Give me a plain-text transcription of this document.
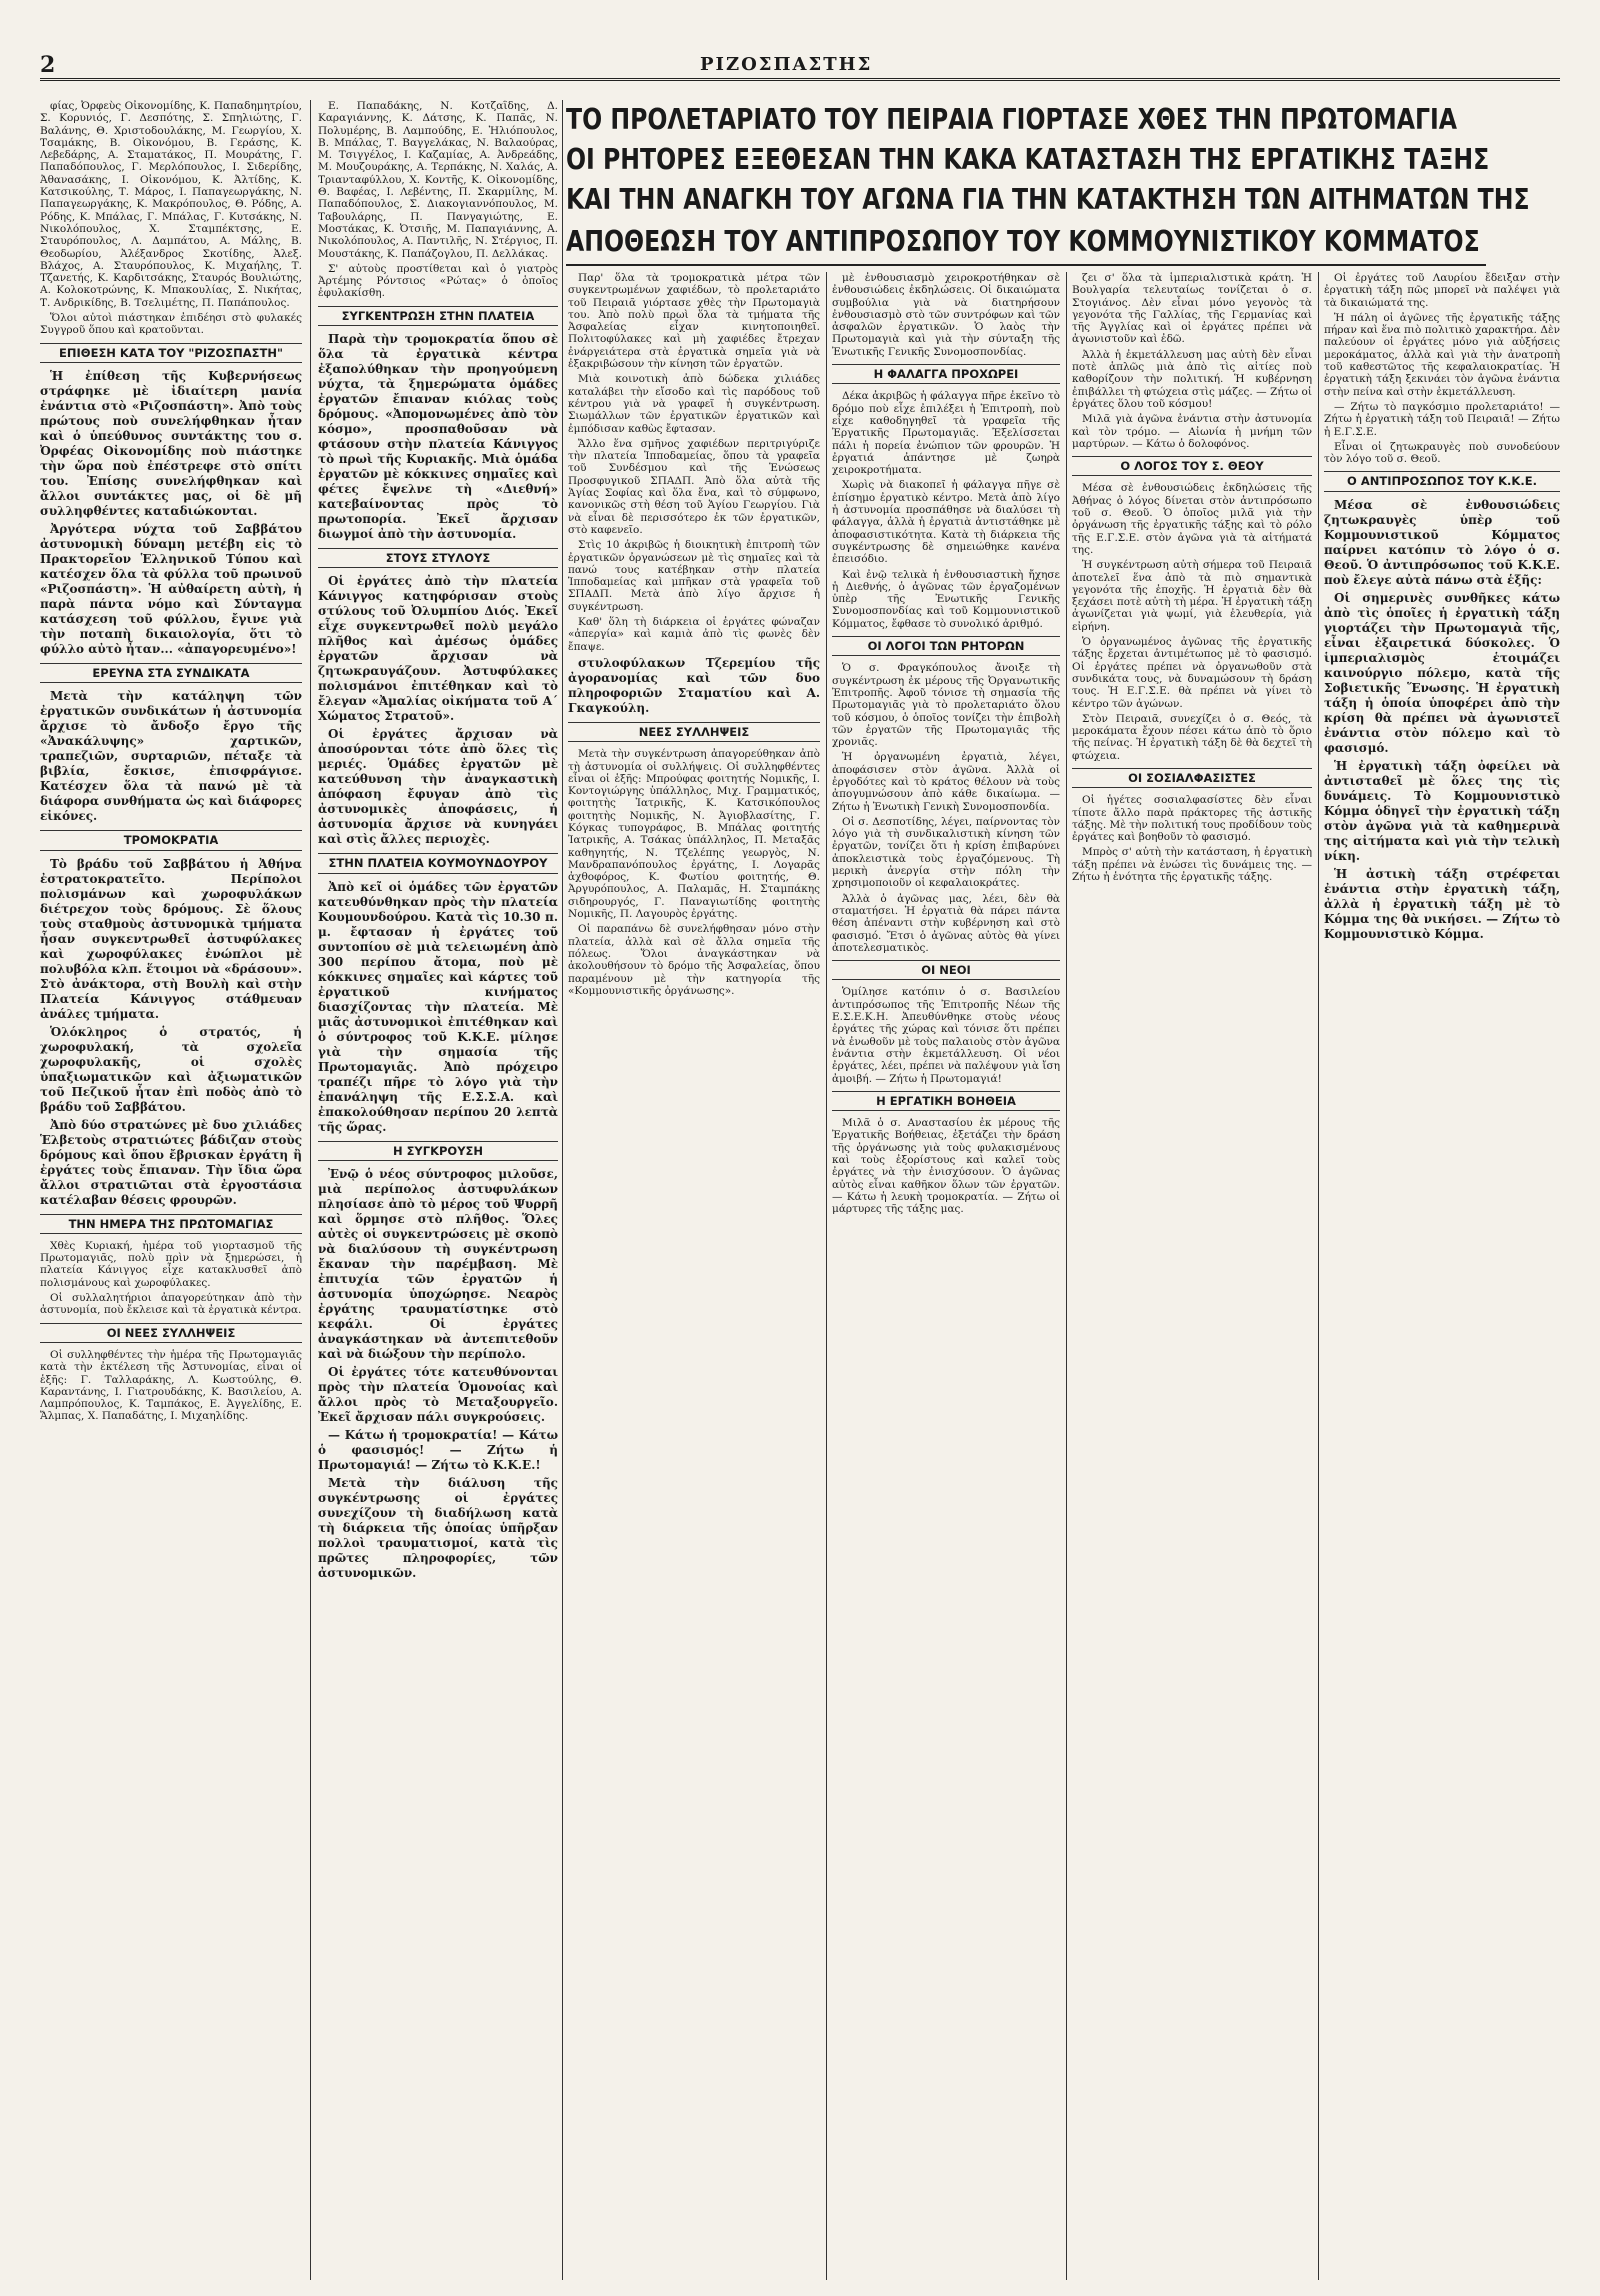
2	ΡΙΖΟΣΠΑΣΤΗΣ

φίας, Ὀρφεὺς Οἰκονομίδης, Κ. Παπαδημητρίου, Σ. Κορυνιός, Γ. Δεσπότης, Σ. Σπηλιώτης, Γ. Βαλάνης, Θ. Χριστοδουλάκης, Μ. Γεωργίου, Χ. Τσαμάκης, Β. Οἰκονόμου, Β. Γεράσης, Κ. Λεβεδάρης, Α. Σταματάκος, Π. Μουράτης, Γ. Παπαδόπουλος, Γ. Μερλόπουλος, Ι. Σιδερίδης, Ἀθανασάκης, Ι. Οἰκονόμου, Κ. Ἀλτίδης, Κ. Κατσικούλης, Τ. Μάρος, Ι. Παπαγεωργάκης, Ν. Παπαγεωργάκης, Κ. Μακρόπουλος, Θ. Ρόδης, Α. Ρόδης, Κ. Μπάλας, Γ. Μπάλας, Γ. Κυτσάκης, Ν. Νικολόπουλος, Χ. Σταμπέκτσης, Ε. Σταυρόπουλος, Λ. Δαμπάτου, Α. Μάλης, Β. Θεοδωρίου, Ἀλέξανδρος Σκοτίδης, Ἀλεξ. Βλάχος, Α. Σταυρόπουλος, Κ. Μιχαήλης, Τ. Τζανετής, Κ. Καρδιτσάκης, Σταυρός Βουλιώτης, Α. Κολοκοτρώνης, Κ. Μπακουλίας, Σ. Νικήτας, Τ. Ανδρικίδης, Β. Τσελιμέτης, Π. Παπάπουλος.

Ὅλοι αὐτοὶ πιάστηκαν ἐπιδέησι στὸ φυλακές Συγγροῦ ὅπου καὶ κρατοῦνται.

ΕΠΙΘΕΣΗ ΚΑΤΑ ΤΟΥ "ΡΙΖΟΣΠΑΣΤΗ"

Ἡ ἐπίθεση τῆς Κυβερνήσεως στράφηκε μὲ ἰδιαίτερη μανία ἐνάντια στὸ «Ριζοσπάστη». Ἀπὸ τοὺς πρώτους ποὺ συνελήφθηκαν ἦταν καὶ ὁ ὑπεύθυνος συντάκτης του σ. Ὀρφέας Οἰκονομίδης ποὺ πιάστηκε τὴν ὥρα ποὺ ἐπέστρεφε στὸ σπίτι του. Ἐπίσης συνελήφθηκαν καὶ ἄλλοι συντάκτες μας, οἱ δὲ μῆ συλληφθέντες καταδιώκονται.

Ἀργότερα νύχτα τοῦ Σαββάτου ἀστυνομικὴ δύναμη μετέβη εἰς τὸ Πρακτορεῖον Ἑλληνικοῦ Τύπου καὶ κατέσχεν ὅλα τὰ φύλλα τοῦ πρωινοῦ «Ριζοσπάστη». Ἡ αὐθαίρετη αὐτὴ, ἡ παρὰ πάντα νόμο καὶ Σύνταγμα κατάσχεση τοῦ φύλλου, ἔγινε γιὰ τὴν ποταπὴ δικαιολογία, ὅτι τὸ φύλλο αὐτὸ ἦταν... «ἀπαγορευμένο»!

ΕΡΕΥΝΑ ΣΤΑ ΣΥΝΔΙΚΑΤΑ

Μετὰ τὴν κατάληψη τῶν ἐργατικῶν συνδικάτων ἡ ἀστυνομία ἄρχισε τὸ ἄνδοξο ἔργο τῆς «Ἀνακάλυψης» χαρτικῶν, τραπεζιῶν, συρταριῶν, πέταξε τὰ βιβλία, ἔσκισε, ἐπισφράγισε. Κατέσχεν ὅλα τὰ πανώ μὲ τὰ διάφορα συνθήματα ὡς καὶ διάφορες εἰκόνες.

ΤΡΟΜΟΚΡΑΤΙΑ

Τὸ βράδυ τοῦ Σαββάτου ἡ Ἀθήνα ἐστρατοκρατεῖτο. Περίπολοι πολισμάνων καὶ χωροφυλάκων διέτρεχον τοὺς δρόμους. Σὲ ὅλους τοὺς σταθμοὺς ἀστυνομικὰ τμήματα ἦσαν συγκεντρωθεῖ ἀστυφύλακες καὶ χωροφύλακες ἐνώπλοι μὲ πολυβόλα κλπ. ἕτοιμοι νὰ «δράσουν». Στὸ ἀνάκτορα, στὴ Βουλὴ καὶ στὴν Πλατεία Κάνιγγος στάθμευαν ἀνάλες τμήματα.

Ὁλόκληρος ὁ στρατός, ἡ χωροφυλακή, τὰ σχολεῖα χωροφυλακῆς, οἱ σχολὲς ὑπαξιωματικῶν καὶ ἀξιωματικῶν τοῦ Πεζικοῦ ἦταν ἐπὶ ποδὸς ἀπὸ τὸ βράδυ τοῦ Σαββάτου.

Ἀπὸ δύο στρατώνες μὲ δυο χιλιάδες Ἑλβετοὺς στρατιώτες βάδιζαν στοὺς δρόμους καὶ ὅπου ἔβρισκαν ἐργάτη ἢ ἐργάτες τοὺς ἔπιαναν. Τὴν ἴδια ὥρα ἄλλοι στρατιῶται στὰ ἐργοστάσια κατέλαβαν θέσεις φρουρῶν.

ΤΗΝ ΗΜΕΡΑ ΤΗΣ ΠΡΩΤΟΜΑΓΙΑΣ

Χθὲς Κυριακή, ἡμέρα τοῦ γιορτασμοῦ τῆς Πρωτομαγιᾶς, πολὺ πρὶν νὰ ξημερώσει, ἡ πλατεία Κάνιγγος εἶχε κατακλυσθεῖ ἀπὸ πολισμάνους καὶ χωροφύλακες.

Οἱ συλλαλητήριοι ἀπαγορεύτηκαν ἀπὸ τὴν ἀστυνομία, ποὺ ἔκλεισε καὶ τὰ ἐργατικὰ κέντρα.

ΟΙ ΝΕΕΣ ΣΥΛΛΗΨΕΙΣ

Οἱ συλληφθέντες τὴν ἡμέρα τῆς Πρωτομαγιᾶς κατὰ τὴν ἐκτέλεση τῆς Ἀστυνομίας, εἶναι οἱ ἑξῆς: Γ. Ταλλαράκης, Λ. Κωστούλης, Θ. Καραντάνης, Ι. Γιατρουδάκης, Κ. Βασιλείου, Α. Λαμπρόπουλος, Κ. Ταμπάκος, Ε. Ἀγγελίδης, Ε. Ἄλμπας, Χ. Παπαδάτης, Ι. Μιχαηλίδης.

Ε. Παπαδάκης, Ν. Κοτζαΐδης, Δ. Καραγιάννης, Κ. Δάτσης, Κ. Παπᾶς, Ν. Πολυμέρης, Β. Λαμπούδης, Ε. Ἠλιόπουλος, Β. Μπάλας, Τ. Βαγγελάκας, Ν. Βαλαούρας, Μ. Τσιγγέλος, Ι. Καζαμίας, Α. Ἀνδρεάδης, Μ. Μουζουράκης, Α. Τερπάκης, Ν. Χαλάς, Α. Τριανταφύλλου, Χ. Κοντῆς, Κ. Οἰκονομίδης, Θ. Βαφέας, Ι. Λεβέντης, Π. Σκαρμίλης, Μ. Παπαδόπουλος, Σ. Διακογιαννόπουλος, Μ. Ταβουλάρης, Π. Πανγαγιώτης, Ε. Μοστάκας, Κ. Ὀτσιῆς, Μ. Παπαγιάννης, Α. Νικολόπουλος, Α. Παντιλῆς, Ν. Στέργιος, Π. Μουστάκης, Κ. Παπάζογλου, Π. Δελλάκας.

Σ' αὐτοὺς προστίθεται καὶ ὁ γιατρὸς Ἀρτέμης Ρόντσιος «Ρώτας» ὁ ὁποῖος ἐφυλακίσθη.

ΣΥΓΚΕΝΤΡΩΣΗ ΣΤΗΝ ΠΛΑΤΕΙΑ

Παρὰ τὴν τρομοκρατία ὅπου σὲ ὅλα τὰ ἐργατικὰ κέντρα ἐξαπολύθηκαν τὴν προηγούμενη νύχτα, τὰ ξημερώματα ὁμάδες ἐργατῶν ἔπιαναν κιόλας τοὺς δρόμους. «Ἀπομονωμένες ἀπὸ τὸν κόσμο», προσπαθοῦσαν νὰ φτάσουν στὴν πλατεία Κάνιγγος τὸ πρωὶ τῆς Κυριακῆς. Μιὰ ὁμάδα ἐργατῶν μὲ κόκκινες σημαῖες καὶ φέτες ἔψελνε τὴ «Διεθνή» κατεβαίνοντας πρὸς τὸ πρωτοπορία. Ἐκεῖ ἄρχισαν διωγμοί ἀπὸ τὴν ἀστυνομία.

ΣΤΟΥΣ ΣΤΥΛΟΥΣ

Οἱ ἐργάτες ἀπὸ τὴν πλατεία Κάνιγγος κατηφόρισαν στοὺς στύλους τοῦ Ὀλυμπίου Διός. Ἐκεῖ εἶχε συγκεντρωθεῖ πολὺ μεγάλο πλῆθος καὶ ἀμέσως ὁμάδες ἐργατῶν ἄρχισαν νὰ ζητωκραυγάζουν. Ἀστυφύλακες πολισμάνοι ἐπιτέθηκαν καὶ τὸ ἔλεγαν «Ἀμαλίας οἰκήματα τοῦ Α΄ Χώματος Στρατοῦ».

Οἱ ἐργάτες ἄρχισαν νὰ ἀποσύρονται τότε ἀπὸ ὅλες τὶς μεριές. Ὁμάδες ἐργατῶν μὲ κατεύθυνση τὴν ἀναγκαστικὴ ἀπόφαση ἔφυγαν ἀπὸ τὶς ἀστυνομικὲς ἀποφάσεις, ἡ ἀστυνομία ἄρχισε νὰ κυνηγάει καὶ στὶς ἄλλες περιοχὲς.

ΣΤΗΝ ΠΛΑΤΕΙΑ ΚΟΥΜΟΥΝΔΟΥΡΟΥ

Ἀπὸ κεῖ οἱ ὁμάδες τῶν ἐργατῶν κατευθύνθηκαν πρὸς τὴν πλατεία Κουμουνδούρου. Κατὰ τὶς 10.30 π. μ. ἔφτασαν ἡ ἐργάτες τοῦ συντοπίου σὲ μιὰ τελειωμένη ἀπὸ 300 περίπου ἄτομα, ποὺ μὲ κόκκινες σημαῖες καὶ κάρτες τοῦ ἐργατικοῦ κινήματος διασχίζοντας τὴν πλατεία. Μὲ μιᾶς ἀστυνομικοὶ ἐπιτέθηκαν καὶ ὁ σύντροφος τοῦ Κ.Κ.Ε. μίλησε γιὰ τὴν σημασία τῆς Πρωτομαγιᾶς. Ἀπὸ πρόχειρο τραπέζι πῆρε τὸ λόγο γιὰ τὴν ἐπανάληψη τῆς Ε.Σ.Σ.Α. καὶ ἐπακολούθησαν περίπου 20 λεπτὰ τῆς ὥρας.

Η ΣΥΓΚΡΟΥΣΗ

Ἐνῷ ὁ νέος σύντροφος μιλοῦσε, μιὰ περίπολος ἀστυφυλάκων πλησίασε ἀπὸ τὸ μέρος τοῦ Ψυρρῆ καὶ ὅρμησε στὸ πλῆθος. Ὅλες αὐτὲς οἱ συγκεντρώσεις μὲ σκοπὸ νὰ διαλύσουν τὴ συγκέντρωση ἔκαναν τὴν παρέμβαση. Μὲ ἐπιτυχία τῶν ἐργατῶν ἡ ἀστυνομία ὑποχώρησε. Νεαρὸς ἐργάτης τραυματίστηκε στὸ κεφάλι. Οἱ ἐργάτες ἀναγκάστηκαν νὰ ἀντεπιτεθοῦν καὶ νὰ διώξουν τὴν περίπολο.

Οἱ ἐργάτες τότε κατευθύνονται πρὸς τὴν πλατεία Ὁμονοίας καὶ ἄλλοι πρὸς τὸ Μεταξουργεῖο. Ἐκεῖ ἄρχισαν πάλι συγκρούσεις.

— Κάτω ἡ τρομοκρατία! — Κάτω ὁ φασισμός! — Ζήτω ἡ Πρωτομαγιά! — Ζήτω τὸ Κ.Κ.Ε.!

Μετὰ τὴν διάλυση τῆς συγκέντρωσης οἱ ἐργάτες συνεχίζουν τὴ διαδήλωση κατὰ τὴ διάρκεια τῆς ὁποίας ὑπῆρξαν πολλοὶ τραυματισμοί, κατὰ τὶς πρῶτες πληροφορίες, τῶν ἀστυνομικῶν.

ΤΟ ΠΡΟΛΕΤΑΡΙΑΤΟ ΤΟΥ ΠΕΙΡΑΙΑ ΓΙΟΡΤΑΣΕ ΧΘΕΣ ΤΗΝ ΠΡΩΤΟΜΑΓΙΑ
ΟΙ ΡΗΤΟΡΕΣ ΕΞΕΘΕΣΑΝ ΤΗΝ ΚΑΚΑ ΚΑΤΑΣΤΑΣΗ ΤΗΣ ΕΡΓΑΤΙΚΗΣ ΤΑΞΗΣ
ΚΑΙ ΤΗΝ ΑΝΑΓΚΗ ΤΟΥ ΑΓΩΝΑ ΓΙΑ ΤΗΝ ΚΑΤΑΚΤΗΣΗ ΤΩΝ ΑΙΤΗΜΑΤΩΝ ΤΗΣ
ΑΠΟΘΕΩΣΗ ΤΟΥ ΑΝΤΙΠΡΟΣΩΠΟΥ ΤΟΥ ΚΟΜΜΟΥΝΙΣΤΙΚΟΥ ΚΟΜΜΑΤΟΣ

Παρ' ὅλα τὰ τρομοκρατικὰ μέτρα τῶν συγκεντρωμένων χαφιέδων, τὸ προλεταριάτο τοῦ Πειραιᾶ γιόρτασε χθὲς τὴν Πρωτομαγιὰ του. Ἀπὸ πολὺ πρωὶ ὅλα τὰ τμήματα τῆς Ἀσφαλείας εἶχαν κινητοποιηθεῖ. Πολιτοφύλακες καὶ μὴ χαφιέδες ἔτρεχαν ἐνάργειάτερα στὰ ἐργατικὰ σημεῖα γιὰ νὰ ἐξακριβώσουν τὴν κίνηση τῶν ἐργατῶν.

Μιὰ κοινοτικὴ ἀπὸ δώδεκα χιλιάδες καταλάβει τὴν εἴσοδο καὶ τὶς παρόδους τοῦ κέντρου γιὰ νὰ γραφεῖ ἡ συγκέντρωση. Σιωμάλλων τῶν ἐργατικῶν ἐργατικῶν καὶ ἐμπόδισαν καθὼς ἔφτασαν.

Ἄλλο ἕνα σμῆνος χαφιέδων περιτριγύριζε τὴν πλατεία Ἱπποδαμείας, ὅπου τὰ γραφεῖα τοῦ Συνδέσμου καὶ τῆς Ἑνώσεως Προσφυγικοῦ ΣΠΑΔΠ. Ἀπὸ ὅλα αὐτὰ τῆς Ἁγίας Σοφίας καὶ ὅλα ἕνα, καὶ τὸ σύμφωνο, κανονικῶς στὴ θέση τοῦ Ἁγίου Γεωργίου. Γιὰ νὰ εἶναι δὲ περισσότερο ἐκ τῶν ἐργατικῶν, στὸ καφενεῖο.

Στὶς 10 ἀκριβῶς ἡ διοικητικὴ ἐπιτροπὴ τῶν ἐργατικῶν ὀργανώσεων μὲ τὶς σημαῖες καὶ τὰ πανώ τους κατέβηκαν στὴν πλατεία Ἱπποδαμείας καὶ μπῆκαν στὰ γραφεῖα τοῦ ΣΠΑΔΠ. Μετὰ ἀπὸ λίγο ἄρχισε ἡ συγκέντρωση.

Καθ' ὅλη τὴ διάρκεια οἱ ἐργάτες φώναζαν «ἀπεργία» καὶ καμιὰ ἀπὸ τὶς φωνὲς δὲν ἔπαψε.

στυλοφύλακων Τζερεμίου τῆς ἀγορανομίας καὶ τῶν δυο πληροφοριῶν Σταματίου καὶ Α. Γκαγκούλη.

ΝΕΕΣ ΣΥΛΛΗΨΕΙΣ

Μετὰ τὴν συγκέντρωση ἀπαγορεύθηκαν ἀπὸ τὴ ἀστυνομία οἱ συλλήψεις. Οἱ συλληφθέντες εἶναι οἱ ἑξῆς: Μπρούφας φοιτητής Νομικῆς, Ι. Κοντογιώργης ὑπάλληλος, Μιχ. Γραμματικός, φοιτητὴς Ἰατρικῆς, Κ. Κατσικόπουλος φοιτητὴς Νομικῆς, Ν. Ἀγιοβλασίτης, Γ. Κόγκας τυπογράφος, Β. Μπάλας φοιτητής Ἰατρικῆς, Α. Τσάκας ὑπάλληλος, Π. Μεταξᾶς καθηγητής, Ν. Τζελέπης γεωργὸς, Ν. Μανδραπανόπουλος ἐργάτης, Ι. Λογαρᾶς ἀχθοφόρος, Κ. Φωτίου φοιτητής, Θ. Ἀργυρόπουλος, Α. Παλαμᾶς, Η. Σταμπάκης σιδηρουργός, Γ. Παναγιωτίδης φοιτητὴς Νομικῆς, Π. Λαγουρὸς ἐργάτης.

Οἱ παραπάνω δὲ συνελήφθησαν μόνο στὴν πλατεία, ἀλλὰ καὶ σὲ ἄλλα σημεῖα τῆς πόλεως. Ὅλοι ἀναγκάστηκαν νὰ ἀκολουθήσουν τὸ δρόμο τῆς Ἀσφαλείας, ὅπου παραμένουν μὲ τὴν κατηγορία τῆς «Κομμουνιστικῆς ὀργάνωσης».

μὲ ἐνθουσιασμὸ χειροκροτήθηκαν σὲ ἐνθουσιώδεις ἐκδηλώσεις. Οἱ δικαιώματα συμβούλια γιὰ νὰ διατηρήσουν ἐνθουσιασμὸ στὸ τῶν συντρόφων καὶ τῶν ἀσφαλῶν ἐργατικῶν. Ὁ λαὸς τὴν Πρωτομαγιὰ καὶ γιὰ τὴν σύνταξη τῆς Ἐνωτικῆς Γενικῆς Συνομοσπονδίας.

Η ΦΑΛΑΓΓΑ ΠΡΟΧΩΡΕΙ

Δέκα ἀκριβῶς ἡ φάλαγγα πῆρε ἐκεῖνο τὸ δρόμο ποὺ εἶχε ἐπιλέξει ἡ Ἐπιτροπὴ, ποὺ εἶχε καθοδηγηθεῖ τὰ γραφεῖα τῆς Ἐργατικῆς Πρωτομαγιᾶς. Ἐξελίσσεται πάλι ἡ πορεία ἐνώπιον τῶν φρουρῶν. Ἡ ἐργατιά ἀπάντησε μὲ ζωηρὰ χειροκροτήματα.

Χωρὶς νὰ διακοπεῖ ἡ φάλαγγα πῆγε σὲ ἐπίσημο ἐργατικὸ κέντρο. Μετὰ ἀπὸ λίγο ἡ ἀστυνομία προσπάθησε νὰ διαλύσει τὴ φάλαγγα, ἀλλὰ ἡ ἐργατιὰ ἀντιστάθηκε μὲ ἀποφασιστικότητα. Κατὰ τὴ διάρκεια τῆς συγκέντρωσης δὲ σημειώθηκε κανένα ἐπεισόδιο.

Καὶ ἐνῷ τελικὰ ἡ ἐνθουσιαστικὴ ἤχησε ἡ Διεθνής, ὁ ἀγῶνας τῶν ἐργαζομένων ὑπὲρ τῆς Ἐνωτικῆς Γενικῆς Συνομοσπονδίας καὶ τοῦ Κομμουνιστικοῦ Κόμματος, ἔφθασε τὸ συνολικό ἀριθμό.

ΟΙ ΛΟΓΟΙ ΤΩΝ ΡΗΤΟΡΩΝ

Ὁ σ. Φραγκόπουλος ἄνοιξε τὴ συγκέντρωση ἐκ μέρους τῆς Ὀργανωτικῆς Ἐπιτροπῆς. Ἀφοῦ τόνισε τὴ σημασία τῆς Πρωτομαγιᾶς γιὰ τὸ προλεταριάτο ὅλου τοῦ κόσμου, ὁ ὁποῖος τονίζει τὴν ἐπιβολὴ τῶν ἐργατῶν τῆς Πρωτομαγιᾶς τῆς χρονιᾶς.

Ἡ ὀργανωμένη ἐργατιὰ, λέγει, ἀποφάσισεν στὸν ἀγῶνα. Ἀλλὰ οἱ ἐργοδότες καὶ τὸ κράτος θέλουν νὰ τοὺς ἀπογυμνώσουν ἀπὸ κάθε δικαίωμα. — Ζήτω ἡ Ἐνωτικὴ Γενικὴ Συνομοσπονδία.

Οἱ σ. Δεσποτίδης, λέγει, παίρνοντας τὸν λόγο γιὰ τὴ συνδικαλιστικὴ κίνηση τῶν ἐργατῶν, τονίζει ὅτι ἡ κρίση ἐπιβαρύνει ἀποκλειστικὰ τοὺς ἐργαζόμενους. Τὴ μερικὴ ἀνεργία στὴν πόλη τὴν χρησιμοποιοῦν οἱ κεφαλαιοκράτες.

Ἀλλὰ ὁ ἀγῶνας μας, λέει, δὲν θὰ σταματήσει. Ἡ ἐργατιὰ θὰ πάρει πάντα θέση ἀπέναντι στὴν κυβέρνηση καὶ στὸ φασισμό. Ἔτσι ὁ ἀγῶνας αὐτὸς θὰ γίνει ἀποτελεσματικὸς.

ΟΙ ΝΕΟΙ

Ὁμίλησε κατόπιν ὁ σ. Βασιλείου ἀντιπρόσωπος τῆς Ἐπιτροπῆς Νέων τῆς Ε.Σ.Ε.Κ.Η. Ἀπευθύνθηκε στοὺς νέους ἐργάτες τῆς χώρας καὶ τόνισε ὅτι πρέπει νὰ ἐνωθοῦν μὲ τοὺς παλαιοὺς στὸν ἀγῶνα ἐνάντια στὴν ἐκμετάλλευση. Οἱ νέοι ἐργάτες, λέει, πρέπει νὰ παλέψουν γιὰ ἴση ἀμοιβή. — Ζήτω ἡ Πρωτομαγιά!

Η ΕΡΓΑΤΙΚΗ ΒΟΗΘΕΙΑ

Μιλᾶ ὁ σ. Αναστασίου ἐκ μέρους τῆς Ἐργατικῆς Βοήθειας, ἐξετάζει τὴν δράση τῆς ὀργάνωσης γιὰ τοὺς φυλακισμένους καὶ τοὺς ἐξορίστους καὶ καλεῖ τοὺς ἐργάτες νὰ τὴν ἐνισχύσουν. Ὁ ἀγῶνας αὐτὸς εἶναι καθῆκον ὅλων τῶν ἐργατῶν. — Κάτω ἡ λευκὴ τρομοκρατία. — Ζήτω οἱ μάρτυρες τῆς τάξης μας.

ζει σ' ὅλα τὰ ἱμπεριαλιστικὰ κράτη. Ἡ Βουλγαρία τελευταίως τονίζεται ὁ σ. Στογιάνος. Δὲν εἶναι μόνο γεγονὸς τὰ γεγονότα τῆς Γαλλίας, τῆς Γερμανίας καὶ τῆς Ἀγγλίας καὶ οἱ ἐργάτες πρέπει νὰ ἀγωνιστοῦν καὶ ἐδῶ.

Ἀλλὰ ἡ ἐκμετάλλευση μας αὐτὴ δὲν εἶναι ποτὲ ἁπλῶς μιὰ ἀπὸ τὶς αἰτίες ποὺ καθορίζουν τὴν πολιτική. Ἡ κυβέρνηση ἐπιβάλλει τὴ φτώχεια στὶς μάζες. — Ζήτω οἱ ἐργάτες ὅλου τοῦ κόσμου!

Μιλᾶ γιὰ ἀγῶνα ἐνάντια στὴν ἀστυνομία καὶ τὸν τρόμο. — Αἰωνία ἡ μνήμη τῶν μαρτύρων. — Κάτω ὁ δολοφόνος.

Ο ΛΟΓΟΣ ΤΟΥ Σ. ΘΕΟΥ

Μέσα σὲ ἐνθουσιώδεις ἐκδηλώσεις τῆς Ἀθήνας ὁ λόγος δίνεται στὸν ἀντιπρόσωπο τοῦ σ. Θεοῦ. Ὁ ὁποῖος μιλᾶ γιὰ τὴν ὀργάνωση τῆς ἐργατικῆς τάξης καὶ τὸ ρόλο τῆς Ε.Γ.Σ.Ε. στὸν ἀγῶνα γιὰ τὰ αἰτήματά της.

Ἡ συγκέντρωση αὐτὴ σήμερα τοῦ Πειραιᾶ ἀποτελεῖ ἕνα ἀπὸ τὰ πιὸ σημαντικὰ γεγονότα τῆς ἐποχῆς. Ἡ ἐργατιὰ δὲν θὰ ξεχάσει ποτὲ αὐτὴ τὴ μέρα. Ἡ ἐργατικὴ τάξη ἀγωνίζεται γιὰ ψωμί, γιὰ ἐλευθερία, γιὰ εἰρήνη.

Ὁ ὀργανωμένος ἀγῶνας τῆς ἐργατικῆς τάξης ἔρχεται ἀντιμέτωπος μὲ τὸ φασισμό. Οἱ ἐργάτες πρέπει νὰ ὀργανωθοῦν στὰ συνδικάτα τους, νὰ δυναμώσουν τὴ δράση τους. Ἡ Ε.Γ.Σ.Ε. θὰ πρέπει νὰ γίνει τὸ κέντρο τῶν ἀγώνων.

Στὸν Πειραιᾶ, συνεχίζει ὁ σ. Θεός, τὰ μεροκάματα ἔχουν πέσει κάτω ἀπὸ τὸ ὅριο τῆς πείνας. Ἡ ἐργατικὴ τάξη δὲ θὰ δεχτεῖ τὴ φτώχεια.

ΟΙ ΣΟΣΙΑΛΦΑΣΙΣΤΕΣ

Οἱ ἡγέτες σοσιαλφασίστες δὲν εἶναι τίποτε ἄλλο παρὰ πράκτορες τῆς ἀστικῆς τάξης. Μὲ τὴν πολιτική τους προδίδουν τοὺς ἐργάτες καὶ βοηθοῦν τὸ φασισμό.

Μπρὸς σ' αὐτὴ τὴν κατάσταση, ἡ ἐργατικὴ τάξη πρέπει νὰ ἑνώσει τὶς δυνάμεις της. — Ζήτω ἡ ἑνότητα τῆς ἐργατικῆς τάξης.

Οἱ ἐργάτες τοῦ Λαυρίου ἔδειξαν στὴν ἐργατικὴ τάξη πῶς μπορεῖ νὰ παλέψει γιὰ τὰ δικαιώματά της.

Ἡ πάλη οἱ ἀγῶνες τῆς ἐργατικῆς τάξης πήραν καὶ ἕνα πιὸ πολιτικὸ χαρακτήρα. Δὲν παλεύουν οἱ ἐργάτες μόνο γιὰ αὐξήσεις μεροκάματος, ἀλλὰ καὶ γιὰ τὴν ἀνατροπὴ τοῦ καθεστῶτος τῆς κεφαλαιοκρατίας. Ἡ ἐργατικὴ τάξη ξεκινάει τὸν ἀγῶνα ἐνάντια στὴν πείνα καὶ στὴν ἐκμετάλλευση.

— Ζήτω τὸ παγκόσμιο προλεταριάτο! — Ζήτω ἡ ἐργατικὴ τάξη τοῦ Πειραιᾶ! — Ζήτω ἡ Ε.Γ.Σ.Ε.

Εἶναι οἱ ζητωκραυγὲς ποὺ συνοδεύουν τὸν λόγο τοῦ σ. Θεοῦ.

Ο ΑΝΤΙΠΡΟΣΩΠΟΣ ΤΟΥ Κ.Κ.Ε.

Μέσα σὲ ἐνθουσιώδεις ζητωκραυγὲς ὑπὲρ τοῦ Κομμουνιστικοῦ Κόμματος παίρνει κατόπιν τὸ λόγο ὁ σ. Θεοῦ. Ὁ ἀντιπρόσωπος τοῦ Κ.Κ.Ε. ποὺ ἔλεγε αὐτὰ πάνω στὰ ἑξῆς:

Οἱ σημερινὲς συνθῆκες κάτω ἀπὸ τὶς ὁποῖες ἡ ἐργατικὴ τάξη γιορτάζει τὴν Πρωτομαγιὰ τῆς, εἶναι ἐξαιρετικά δύσκολες. Ὁ ἱμπεριαλισμὸς ἑτοιμάζει καινούργιο πόλεμο, κατὰ τῆς Σοβιετικῆς Ἕνωσης. Ἡ ἐργατικὴ τάξη ἡ ὁποία ὑποφέρει ἀπὸ τὴν κρίση θὰ πρέπει νὰ ἀγωνιστεῖ ἐνάντια στὸν πόλεμο καὶ τὸ φασισμό.

Ἡ ἐργατικὴ τάξη ὀφείλει νὰ ἀντισταθεῖ μὲ ὅλες της τὶς δυνάμεις. Τὸ Κομμουνιστικὸ Κόμμα ὁδηγεῖ τὴν ἐργατικὴ τάξη στὸν ἀγῶνα γιὰ τὰ καθημερινὰ της αἰτήματα καὶ γιὰ τὴν τελικὴ νίκη.

Ἡ ἀστικὴ τάξη στρέφεται ἐνάντια στὴν ἐργατικὴ τάξη, ἀλλὰ ἡ ἐργατικὴ τάξη μὲ τὸ Κόμμα της θὰ νικήσει. — Ζήτω τὸ Κομμουνιστικὸ Κόμμα.
